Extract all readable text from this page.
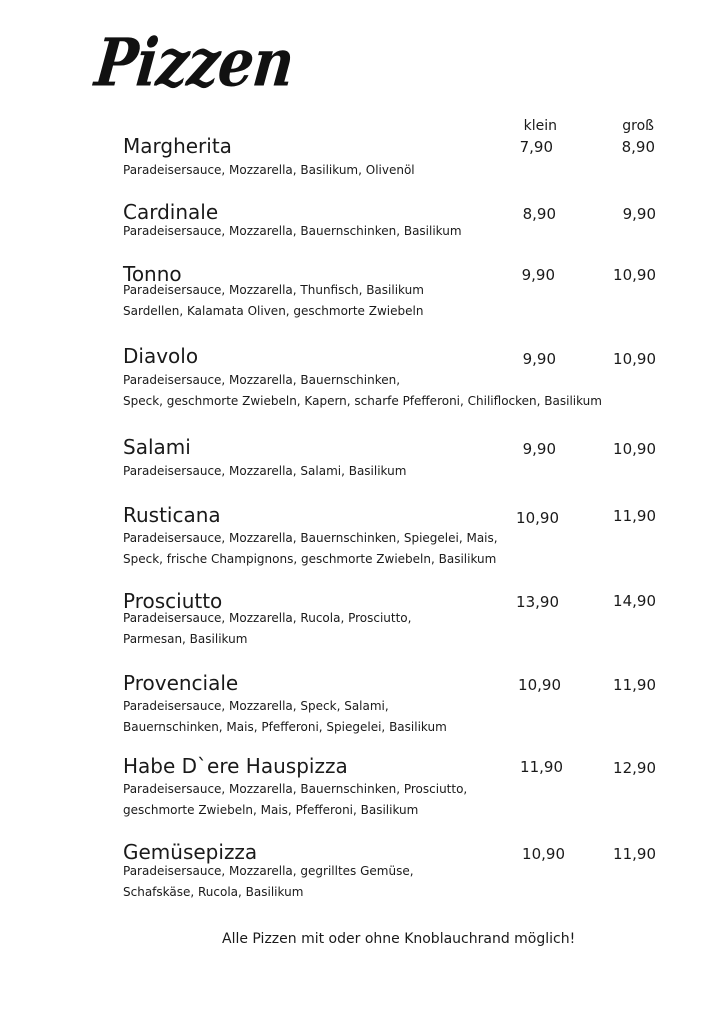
Pizzen
klein	groß
Margherita
Paradeisersauce, Mozzarella, Basilikum, Olivenöl
7,90	8,90
Cardinale
Paradeisersauce, Mozzarella, Bauernschinken, Basilikum
8,90	9,90
Tonno
Paradeisersauce, Mozzarella, Thunfisch, Basilikum
Sardellen, Kalamata Oliven, geschmorte Zwiebeln
9,90	10,90
Diavolo
Paradeisersauce, Mozzarella, Bauernschinken,
Speck, geschmorte Zwiebeln, Kapern, scharfe Pfefferoni, Chiliflocken, Basilikum
9,90	10,90
Salami
Paradeisersauce, Mozzarella, Salami, Basilikum
9,90	10,90
Rusticana
Paradeisersauce, Mozzarella, Bauernschinken, Spiegelei, Mais,
Speck, frische Champignons, geschmorte Zwiebeln, Basilikum
10,90	11,90
Prosciutto
Paradeisersauce, Mozzarella, Rucola, Prosciutto,
Parmesan, Basilikum
13,90	14,90
Provenciale
Paradeisersauce, Mozzarella, Speck, Salami,
Bauernschinken, Mais, Pfefferoni, Spiegelei, Basilikum
10,90	11,90
Habe D`ere Hauspizza
Paradeisersauce, Mozzarella, Bauernschinken, Prosciutto,
geschmorte Zwiebeln, Mais, Pfefferoni, Basilikum
11,90	12,90
Gemüsepizza
Paradeisersauce, Mozzarella, gegrilltes Gemüse,
Schafskäse, Rucola, Basilikum
10,90	11,90
Alle Pizzen mit oder ohne Knoblauchrand möglich!
